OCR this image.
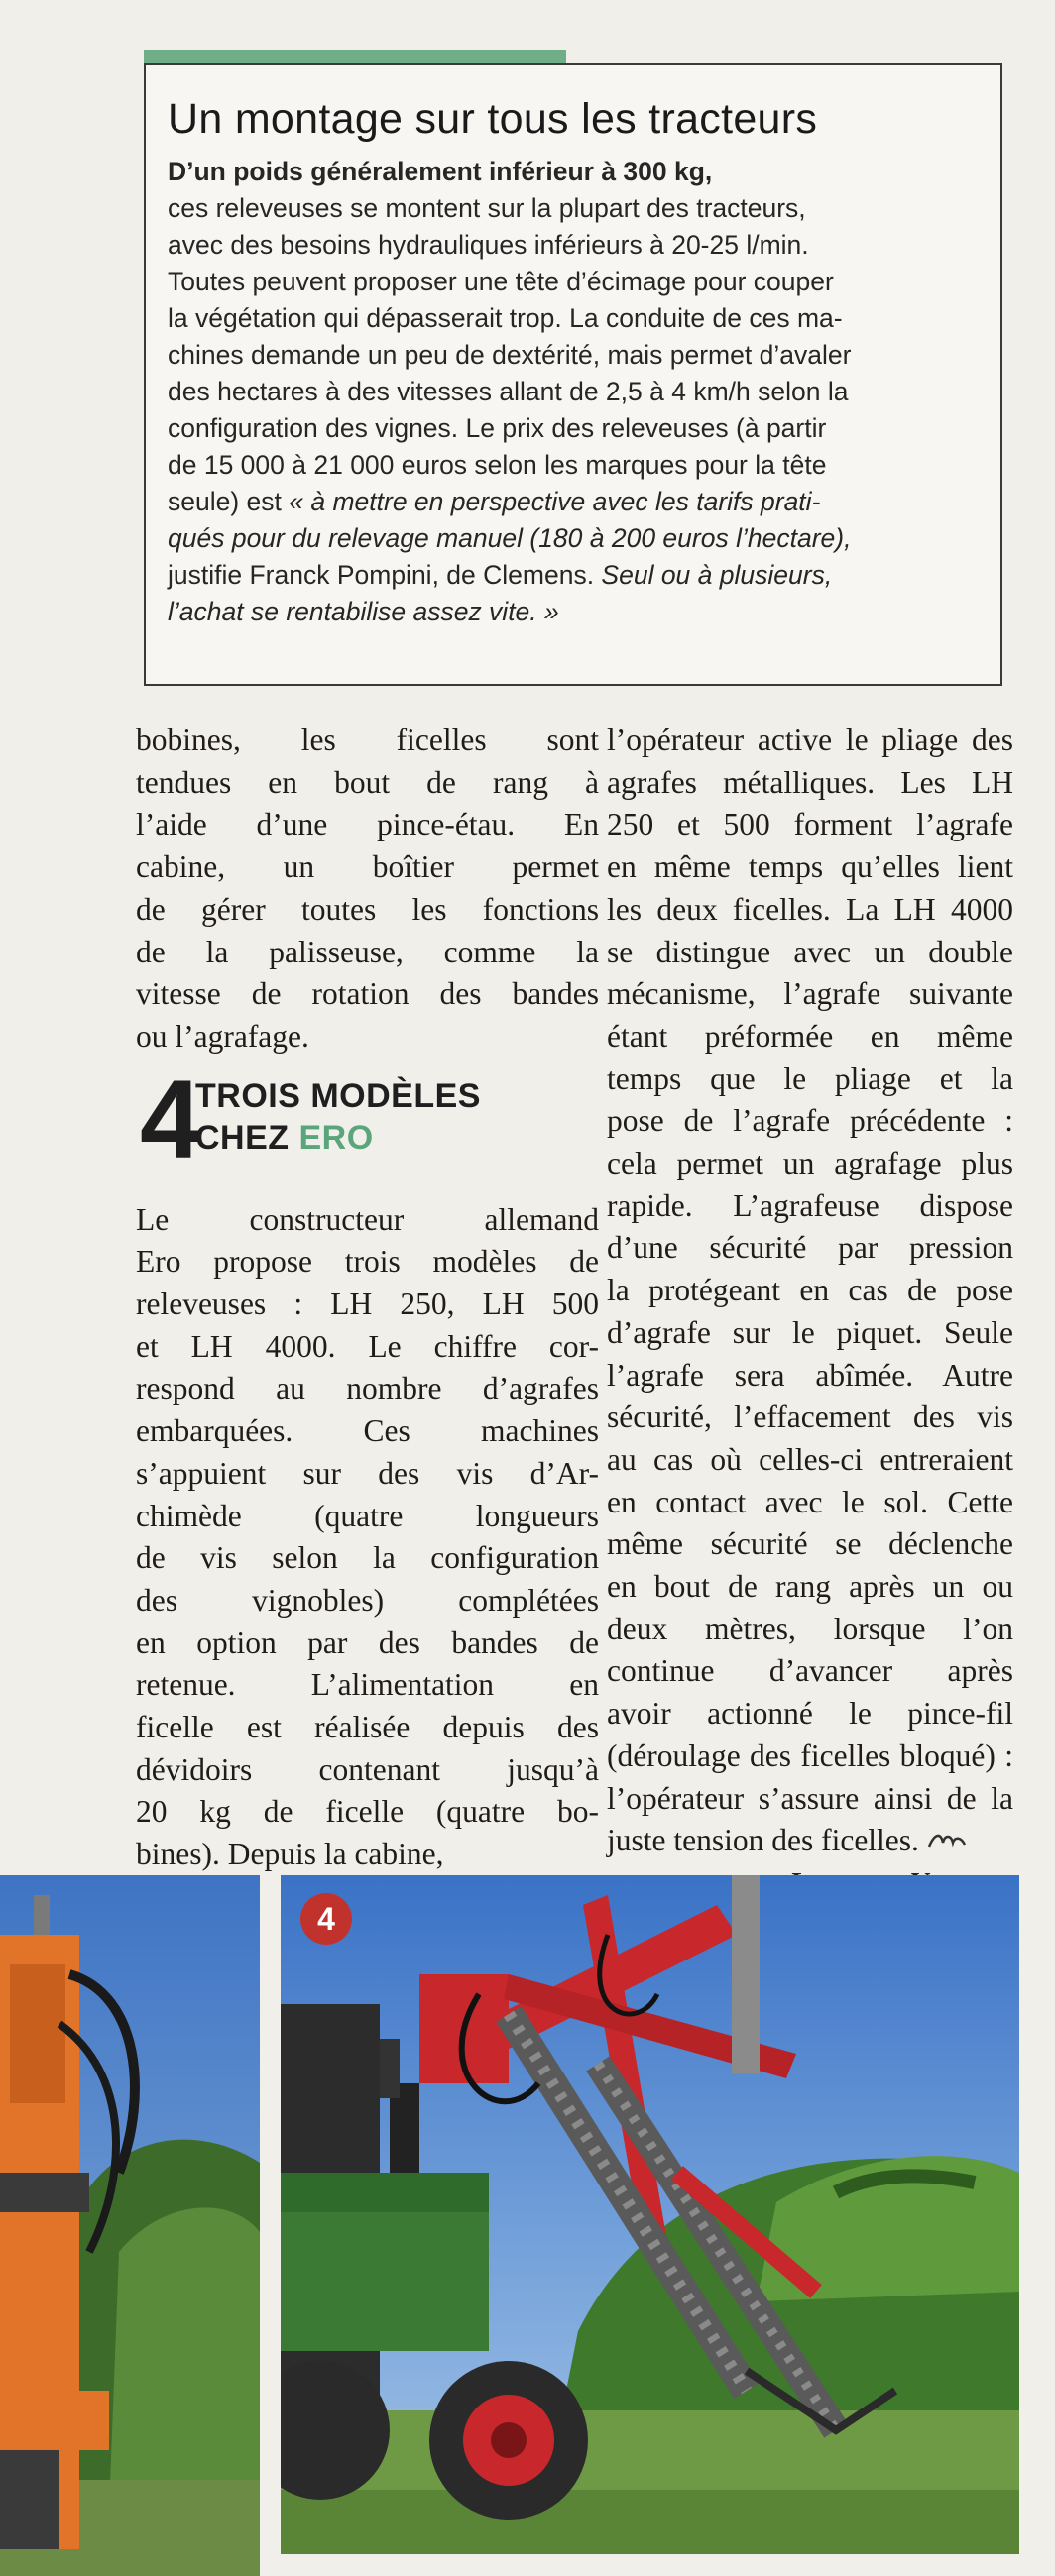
Un montage sur tous les tracteurs
D’un poids généralement inférieur à 300 kg,
ces releveuses se montent sur la plupart des tracteurs,
avec des besoins hydrauliques inférieurs à 20-25 l/min.
Toutes peuvent proposer une tête d’écimage pour couper
la végétation qui dépasserait trop. La conduite de ces ma-
chines demande un peu de dextérité, mais permet d’avaler
des hectares à des vitesses allant de 2,5 à 4 km/h selon la
configuration des vignes. Le prix des releveuses (à partir
de 15 000 à 21 000 euros selon les marques pour la tête
seule) est « à mettre en perspective avec les tarifs prati-
qués pour du relevage manuel (180 à 200 euros l’hectare),
justifie Franck Pompini, de Clemens. Seul ou à plusieurs,
l’achat se rentabilise assez vite. »
bobines, les ficelles sont
tendues en bout de rang à
l’aide d’une pince-étau. En
cabine, un boîtier permet
de gérer toutes les fonctions
de la palisseuse, comme la
vitesse de rotation des bandes
ou l’agrafage.
4
TROIS MODÈLES
CHEZ ERO
Le constructeur allemand
Ero propose trois modèles de
releveuses : LH 250, LH 500
et LH 4000. Le chiffre cor-
respond au nombre d’agrafes
embarquées. Ces machines
s’appuient sur des vis d’Ar-
chimède (quatre longueurs
de vis selon la configuration
des vignobles) complétées
en option par des bandes de
retenue. L’alimentation en
ficelle est réalisée depuis des
dévidoirs contenant jusqu’à
20 kg de ficelle (quatre bo-
bines). Depuis la cabine,
l’opérateur active le pliage des
agrafes métalliques. Les LH
250 et 500 forment l’agrafe
en même temps qu’elles lient
les deux ficelles. La LH 4000
se distingue avec un double
mécanisme, l’agrafe suivante
étant préformée en même
temps que le pliage et la
pose de l’agrafe précédente :
cela permet un agrafage plus
rapide. L’agrafeuse dispose
d’une sécurité par pression
la protégeant en cas de pose
d’agrafe sur le piquet. Seule
l’agrafe sera abîmée. Autre
sécurité, l’effacement des vis
au cas où celles-ci entreraient
en contact avec le sol. Cette
même sécurité se déclenche
en bout de rang après un ou
deux mètres, lorsque l’on
continue d’avancer après
avoir actionné le pince-fil
(déroulage des ficelles bloqué) :
l’opérateur s’assure ainsi de la
juste tension des ficelles.
4
